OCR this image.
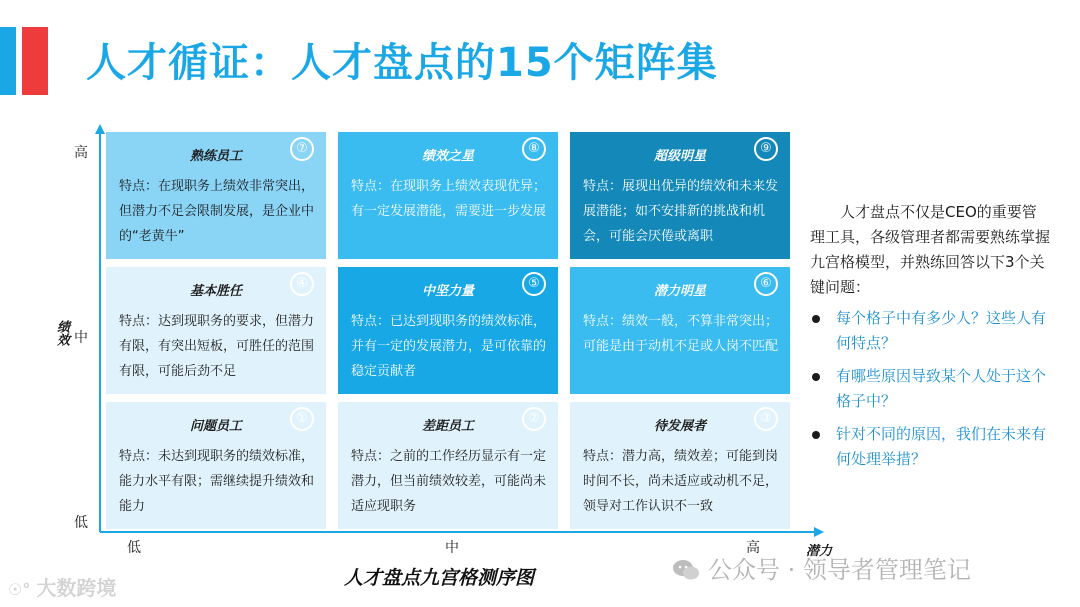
人才循证：人才盘点的15个矩阵集
高
中
低
绩效
低	中	高	潜力
熟练员工
⑦
特点：在现职务上绩效非常突出，但潜力不足会限制发展，是企业中的“老黄牛”
绩效之星
⑧
特点：在现职务上绩效表现优异；有一定发展潜能，需要进一步发展
超级明星
⑨
特点：展现出优异的绩效和未来发展潜能；如不安排新的挑战和机会，可能会厌倦或离职
基本胜任
④
特点：达到现职务的要求，但潜力有限，有突出短板，可胜任的范围有限，可能后劲不足
中坚力量
⑤
特点：已达到现职务的绩效标准，并有一定的发展潜力，是可依靠的稳定贡献者
潜力明星
⑥
特点：绩效一般，不算非常突出；可能是由于动机不足或人岗不匹配
问题员工
①
特点：未达到现职务的绩效标准，能力水平有限；需继续提升绩效和能力
差距员工
②
特点：之前的工作经历显示有一定潜力，但当前绩效较差，可能尚未适应现职务
待发展者
③
特点：潜力高，绩效差；可能到岗时间不长，尚未适应或动机不足，领导对工作认识不一致
人才盘点九宫格测序图

人才盘点不仅是CEO的重要管理工具，各级管理者都需要熟练掌握九宫格模型，并熟练回答以下3个关键问题：

每个格子中有多少人？这些人有何特点？
有哪些原因导致某个人处于这个格子中？
针对不同的原因，我们在未来有何处理举措？
公众号 · 领导者管理笔记
☉° 大数跨境
